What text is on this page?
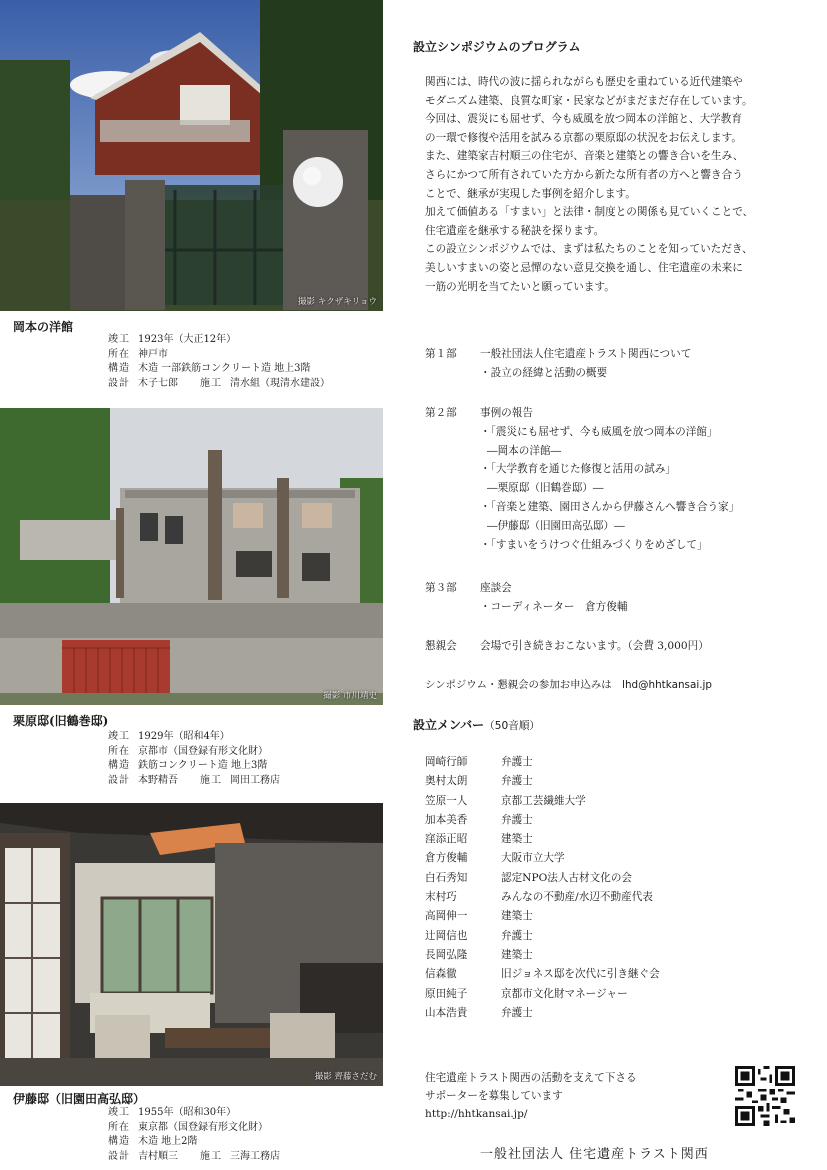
撮影 キクザキリョウ
岡本の洋館
竣工 1923年（大正12年）
所在 神戸市
構造 木造 一部鉄筋コンクリート造 地上3階
設計 木子七郎 施工 清水組（現清水建設）
撮影 市川靖史
栗原邸(旧鶴巻邸)
竣工 1929年（昭和4年）
所在 京都市（国登録有形文化財）
構造 鉄筋コンクリート造 地上3階
設計 本野精吾 施工 岡田工務店
撮影 齊藤さだむ
伊藤邸（旧園田高弘邸）
竣工 1955年（昭和30年）
所在 東京都（国登録有形文化財）
構造 木造 地上2階
設計 吉村順三 施工 三海工務店
設立シンポジウムのプログラム

関西には、時代の波に揺られながらも歴史を重ねている近代建築や

モダニズム建築、良質な町家・民家などがまだまだ存在しています。

今回は、震災にも屈せず、今も威風を放つ岡本の洋館と、大学教育

の一環で修復や活用を試みる京都の栗原邸の状況をお伝えします。

また、建築家吉村順三の住宅が、音楽と建築との響き合いを生み、

さらにかつて所有されていた方から新たな所有者の方へと響き合う

ことで、継承が実現した事例を紹介します。

加えて価値ある「すまい」と法律・制度との関係も見ていくことで、

住宅遺産を継承する秘訣を探ります。

この設立シンポジウムでは、まずは私たちのことを知っていただき、

美しいすまいの姿と忌憚のない意見交換を通し、住宅遺産の未来に

一筋の光明を当てたいと願っています。

第１部	一般社団法人住宅遺産トラスト関西について
・設立の経緯と活動の概要
第２部	事例の報告
・「震災にも屈せず、今も威風を放つ岡本の洋館」
―岡本の洋館―
・「大学教育を通じた修復と活用の試み」
―栗原邸（旧鶴巻邸）―
・「音楽と建築、園田さんから伊藤さんへ響き合う家」
―伊藤邸（旧園田高弘邸）―
・「すまいをうけつぐ仕組みづくりをめざして」
第３部	座談会
・コーディネーター　倉方俊輔
懇親会	会場で引き続きおこないます。（会費 3,000円）
シンポジウム・懇親会の参加お申込みは　lhd@hhtkansai.jp
設立メンバー（50音順）
岡崎行師	弁護士
奥村太朗	弁護士
笠原一人	京都工芸繊維大学
加本美香	弁護士
窪添正昭	建築士
倉方俊輔	大阪市立大学
白石秀知	認定NPO法人古材文化の会
末村巧	みんなの不動産/水辺不動産代表
高岡伸一	建築士
辻岡信也	弁護士
長岡弘隆	建築士
信森徹	旧ジョネス邸を次代に引き継ぐ会
原田純子	京都市文化財マネージャー
山本浩貴	弁護士
住宅遺産トラスト関西の活動を支えて下さる
サポーターを募集しています
http://hhtkansai.jp/
一般社団法人 住宅遺産トラスト関西
